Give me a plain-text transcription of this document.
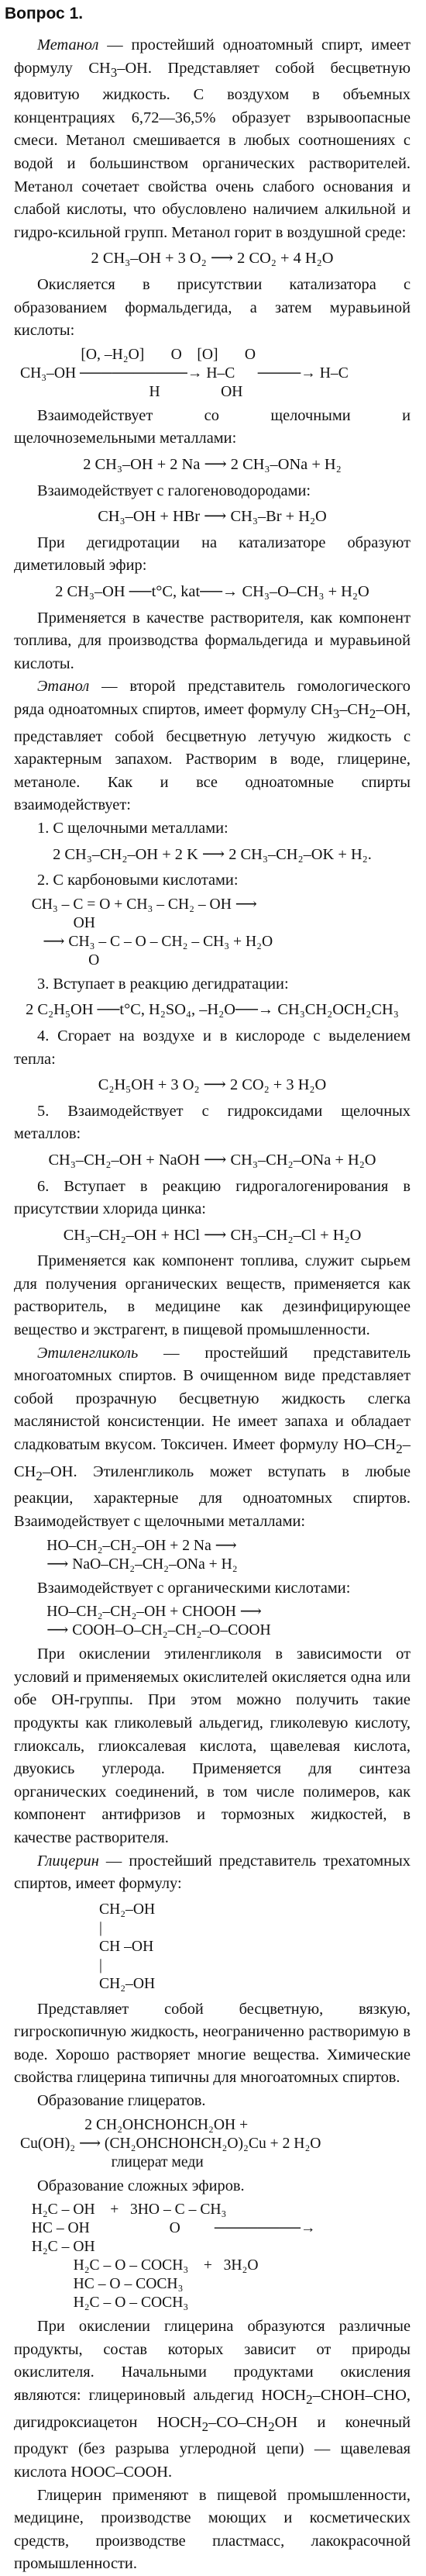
Вопрос 1.

Метанол — простейший одноатомный спирт, имеет формулу $CH_3-OH$. Представляет собой бесцветную ядовитую жидкость. С воздухом в объемных концентрациях 6,72—36,5% образует взрывоопасные смеси. Метанол смешивается в любых соотношениях с водой и большинством органических растворителей. Метанол сочетает свойства очень слабого основания и слабой кислоты, что обусловлено наличием алкильной и гидро-ксильной групп. Метанол горит в воздушной среде:

2 CH₃–OH + 3 O₂ ⟶ 2 CO₂ + 4 H₂O

Окисляется в присутствии катализатора с образованием формальдегида, а затем муравьиной кислоты:

[O, –H₂O]       O    [O]       O
CH₃–OH ──────────→ H–C      ────→ H–C
H                OH

Взаимодействует со щелочными и щелочноземельными металлами:

2 CH₃–OH + 2 Na ⟶ 2 CH₃–ONa + H₂

Взаимодействует с галогеноводородами:

CH₃–OH + HBr ⟶ CH₃–Br + H₂O

При дегидротации на катализаторе образуют диметиловый эфир:

2 CH₃–OH ──t°C, kat──→ CH₃–O–CH₃ + H₂O

Применяется в качестве растворителя, как компонент топлива, для производства формальдегида и муравьиной кислоты.

Этанол — второй представитель гомологического ряда одноатомных спиртов, имеет формулу $CH_3-CH_2-OH$, представляет собой бесцветную летучую жидкость с характерным запахом. Растворим в воде, глицерине, метаноле. Как и все одноатомные спирты взаимодействует:

1. С щелочными металлами:

2 CH₃–CH₂–OH + 2 K ⟶ 2 CH₃–CH₂–OK + H₂.

2. С карбоновыми кислотами:

CH₃ – C = O + CH₃ – CH₂ – OH ⟶
OH
⟶ CH₃ – C – O – CH₂ – CH₃ + H₂O
O

3. Вступает в реакцию дегидратации:

2 C₂H₅OH ──t°C, H₂SO₄, –H₂O──→ CH₃CH₂OCH₂CH₃

4. Сгорает на воздухе и в кислороде с выделением тепла:

C₂H₅OH + 3 O₂ ⟶ 2 CO₂ + 3 H₂O

5. Взаимодействует с гидроксидами щелочных металлов:

CH₃–CH₂–OH + NaOH ⟶ CH₃–CH₂–ONa + H₂O

6. Вступает в реакцию гидрогалогенирования в присутствии хлорида цинка:

CH₃–CH₂–OH + HCl ⟶ CH₃–CH₂–Cl + H₂O

Применяется как компонент топлива, служит сырьем для получения органических веществ, применяется как растворитель, в медицине как дезинфицирующее вещество и экстрагент, в пищевой промышленности.

Этиленгликоль — простейший представитель многоатомных спиртов. В очищенном виде представляет собой прозрачную бесцветную жидкость слегка маслянистой консистенции. Не имеет запаха и обладает сладковатым вкусом. Токсичен. Имеет формулу $HO-CH_2-CH_2-OH$. Этиленгликоль может вступать в любые реакции, характерные для одноатомных спиртов. Взаимодействует с щелочными металлами:

HO–CH₂–CH₂–OH + 2 Na ⟶
⟶ NaO–CH₂–CH₂–ONa + H₂

Взаимодействует с органическими кислотами:

HO–CH₂–CH₂–OH + CHOOH ⟶
⟶ COOH–O–CH₂–CH₂–O–COOH

При окислении этиленгликоля в зависимости от условий и применяемых окислителей окисляется одна или обе OH-группы. При этом можно получить такие продукты как гликолевый альдегид, гликолевую кислоту, глиоксаль, глиоксалевая кислота, щавелевая кислота, двуокись углерода. Применяется для синтеза органических соединений, в том числе полимеров, как компонент антифризов и тормозных жидкостей, в качестве растворителя.

Глицерин — простейший представитель трехатомных спиртов, имеет формулу:

CH₂–OH
|
CH –OH
|
CH₂–OH

Представляет собой бесцветную, вязкую, гигроскопичную жидкость, неограниченно растворимую в воде. Хорошо растворяет многие вещества. Химические свойства глицерина типичны для многоатомных спиртов.

Образование глицератов.

2 CH₂OHCHOHCH₂OH +
Cu(OH)₂ ⟶ (CH₂OHCHOHCH₂O)₂Cu + 2 H₂O
глицерат меди

Образование сложных эфиров.

H₂C – OH    +   3HO – C – CH₃
HC – OH                     O         ────────→
H₂C – OH
H₂C – O – COCH₃    +   3H₂O
HC – O – COCH₃
H₂C – O – COCH₃

При окислении глицерина образуются различные продукты, состав которых зависит от природы окислителя. Начальными продуктами окисления являются: глицериновый альдегид $HOCH_2-CHOH$–CHO, дигидроксиацетон $HOCH_2-CO-CH_2OH$ и конечный продукт (без разрыва углеродной цепи) — щавелевая кислота HOOC–COOH.

Глицерин применяют в пищевой промышленности, медицине, производстве моющих и косметических средств, производстве пластмасс, лакокрасочной промышленности.
